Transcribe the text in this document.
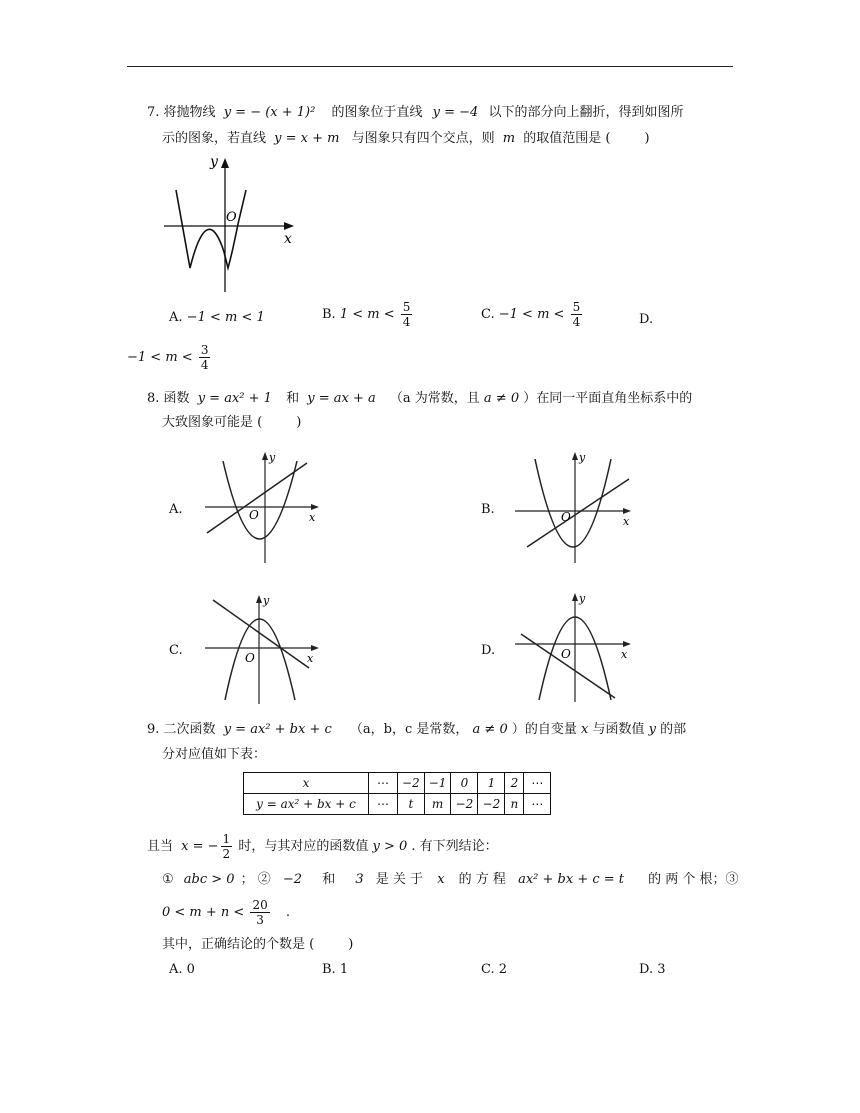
7. 将抛物线 y = − (x + 1)² 的图象位于直线 y = −4 以下的部分向上翻折，得到如图所
示的图象，若直线 y = x + m 与图象只有四个交点，则 m 的取值范围是 (	)
y
O
x
A. −1 < m < 1	B. $1 < m < \frac{5}{4}$	C. $-1 < m < \frac{5}{4}$	D.
$-1 < m < \frac{3}{4}$
8. 函数 y = ax² + 1 和 y = ax + a （a 为常数，且 a ≠ 0 ）在同一平面直角坐标系中的
大致图象可能是 (	)
A.
y
O	x
B.
y
O	x
C.
y
O	x
D.
y
O	x
9. 二次函数 y = ax² + bx + c （a，b，c 是常数， a ≠ 0 ）的自变量 x 与函数值 y 的部
分对应值如下表：
x	⋯	−2	−1	0	1	2	⋯
y = ax² + bx + c	⋯	t	m	−2	−2	n	⋯
且当 x = − $\frac{1}{2}$ 时，与其对应的函数值 y > 0 . 有下列结论：
① abc > 0 ； ② −2 和 3 是 关 于 x 的 方 程 ax² + bx + c = t 的 两 个 根；③
$0 < m + n < \frac{20}{3}$ .
其中，正确结论的个数是 (	)
A. 0	B. 1	C. 2	D. 3
